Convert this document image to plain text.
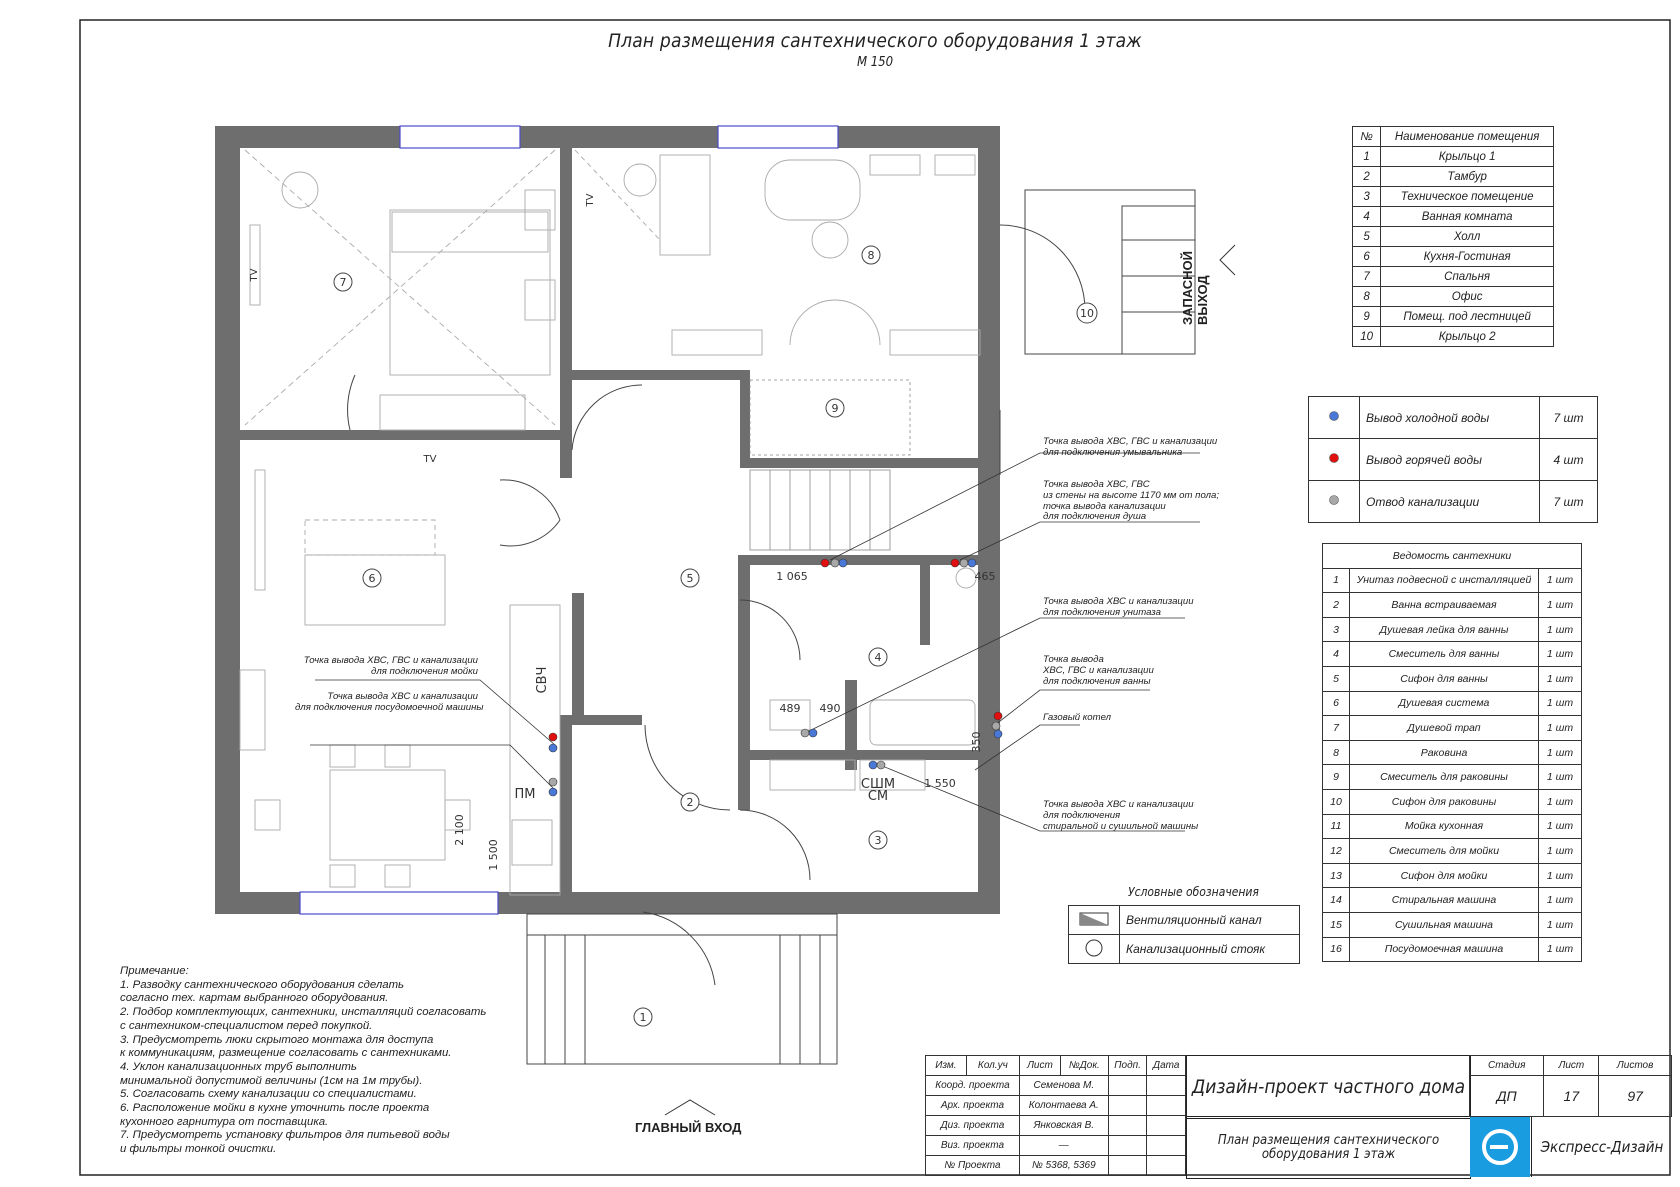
1
2
3
4
5
6
7
8
9
10
1 065	465
489 490
350
1 550
2 100
1 500
СВЧ
ПМ
СШМ
СМ
TV
TV
TV
План размещения сантехнического оборудования 1 этаж
М 150
ЗАПАСНОЙ ВЫХОД
ГЛАВНЫЙ ВХОД
Точка вывода ХВС, ГВС и канализации
для подключения умывальника
Точка вывода ХВС, ГВС
из стены на высоте 1170 мм от пола;
точка вывода канализации
для подключения душа
Точка вывода ХВС и канализации
для подключения унитаза
Точка вывода
ХВС, ГВС и канализации
для подключения ванны
Газовый котел
Точка вывода ХВС и канализации
для подключения
стиральной и сушильной машины
Точка вывода ХВС, ГВС и канализации
для подключения мойки
Точка вывода ХВС и канализации
для подключения посудомоечной машины
№	Наименование помещения
1	Крыльцо 1
2	Тамбур
3	Техническое помещение
4	Ванная комната
5	Холл
6	Кухня-Гостиная
7	Спальня
8	Офис
9	Помещ. под лестницей
10	Крыльцо 2
	Вывод холодной воды	7 шт
	Вывод горячей воды	4 шт
	Отвод канализации	7 шт
Ведомость сантехники		
1	Унитаз подвесной с инсталляцией	1 шт
2	Ванна встраиваемая	1 шт
3	Душевая лейка для ванны	1 шт
4	Смеситель для ванны	1 шт
5	Сифон для ванны	1 шт
6	Душевая система	1 шт
7	Душевой трап	1 шт
8	Раковина	1 шт
9	Смеситель для раковины	1 шт
10	Сифон для раковины	1 шт
11	Мойка кухонная	1 шт
12	Смеситель для мойки	1 шт
13	Сифон для мойки	1 шт
14	Стиральная машина	1 шт
15	Сушильная машина	1 шт
16	Посудомоечная машина	1 шт
Условные обозначения
	Вентиляционный канал
	Канализационный стояк
Примечание:
1. Разводку сантехнического оборудования сделать
согласно тех. картам выбранного оборудования.
2. Подбор комплектующих, сантехники, инсталляций согласовать
с сантехником-специалистом перед покупкой.
3. Предусмотреть люки скрытого монтажа для доступа
к коммуникациям, размещение согласовать с сантехниками.
4. Уклон канализационных труб выполнить
минимальной допустимой величины (1см на 1м трубы).
5. Согласовать схему канализации со специалистами.
6. Расположение мойки в кухне уточнить после проекта
кухонного гарнитура от поставщика.
7. Предусмотреть установку фильтров для питьевой воды
и фильтры тонкой очистки.
Изм.	Кол.уч	Лист	№Док.	Подп.	Дата
Коорд. проекта		Семенова М.			
Арх. проекта		Колонтаева А.			
Диз. проекта		Янковская В.			
Виз. проекта		—			
№ Проекта		№ 5368, 5369			
Дизайн-проект частного дома
План размещения сантехнического
оборудования 1 этаж
Стадия	Лист	Листов
ДП	17	97
Экспресс-Дизайн
